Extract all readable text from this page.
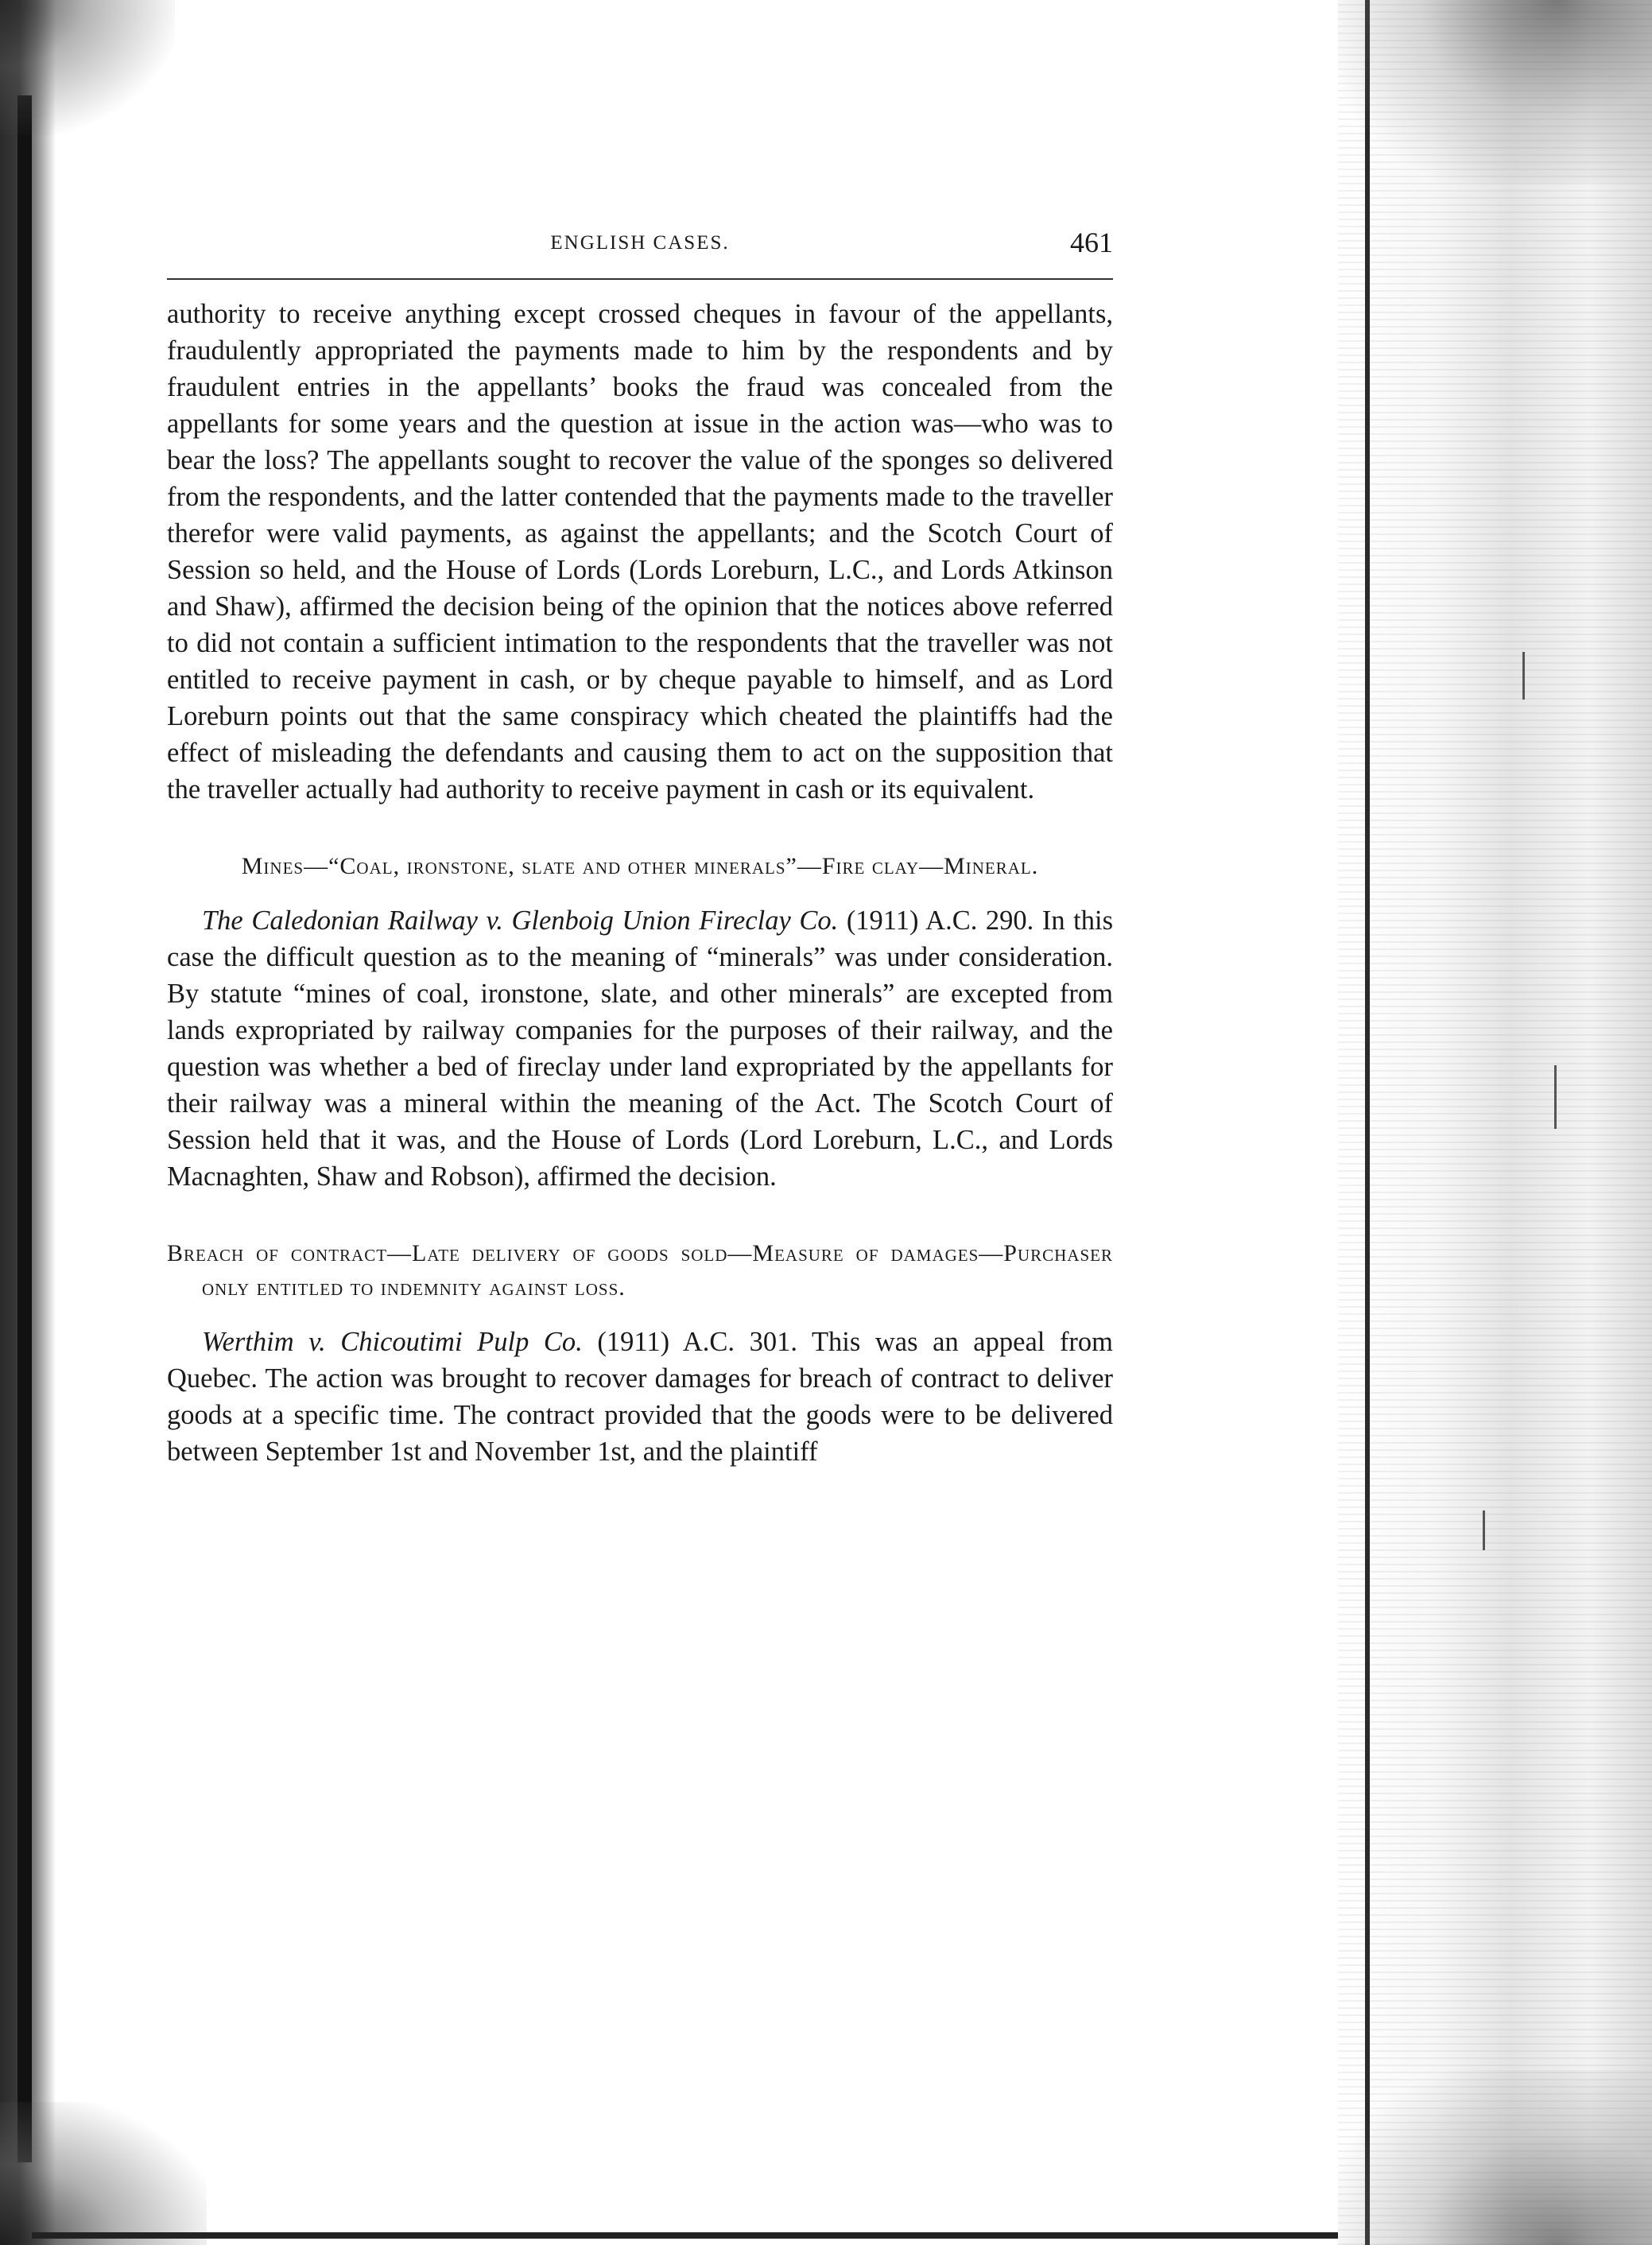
ENGLISH CASES.	461

authority to receive anything except crossed cheques in favour of the appellants, fraudulently appropriated the payments made to him by the respondents and by fraudulent entries in the appellants’ books the fraud was concealed from the appellants for some years and the question at issue in the action was—who was to bear the loss? The appellants sought to recover the value of the sponges so delivered from the respondents, and the latter contended that the payments made to the traveller therefor were valid payments, as against the appellants; and the Scotch Court of Session so held, and the House of Lords (Lords Loreburn, L.C., and Lords Atkinson and Shaw), affirmed the decision being of the opinion that the notices above referred to did not contain a sufficient intimation to the respondents that the traveller was not entitled to receive payment in cash, or by cheque payable to himself, and as Lord Loreburn points out that the same conspiracy which cheated the plaintiffs had the effect of misleading the defendants and causing them to act on the supposition that the traveller actually had authority to receive payment in cash or its equivalent.

Mines—“Coal, ironstone, slate and other minerals”—Fire clay—Mineral.

The Caledonian Railway v. Glenboig Union Fireclay Co. (1911) A.C. 290. In this case the difficult question as to the meaning of “minerals” was under consideration. By statute “mines of coal, ironstone, slate, and other minerals” are excepted from lands expropriated by railway companies for the purposes of their railway, and the question was whether a bed of fireclay under land expropriated by the appellants for their railway was a mineral within the meaning of the Act. The Scotch Court of Session held that it was, and the House of Lords (Lord Loreburn, L.C., and Lords Macnaghten, Shaw and Robson), affirmed the decision.

Breach of contract—Late delivery of goods sold—Measure of damages—Purchaser only entitled to indemnity against loss.

Werthim v. Chicoutimi Pulp Co. (1911) A.C. 301. This was an appeal from Quebec. The action was brought to recover damages for breach of contract to deliver goods at a specific time. The contract provided that the goods were to be delivered between September 1st and November 1st, and the plaintiff
